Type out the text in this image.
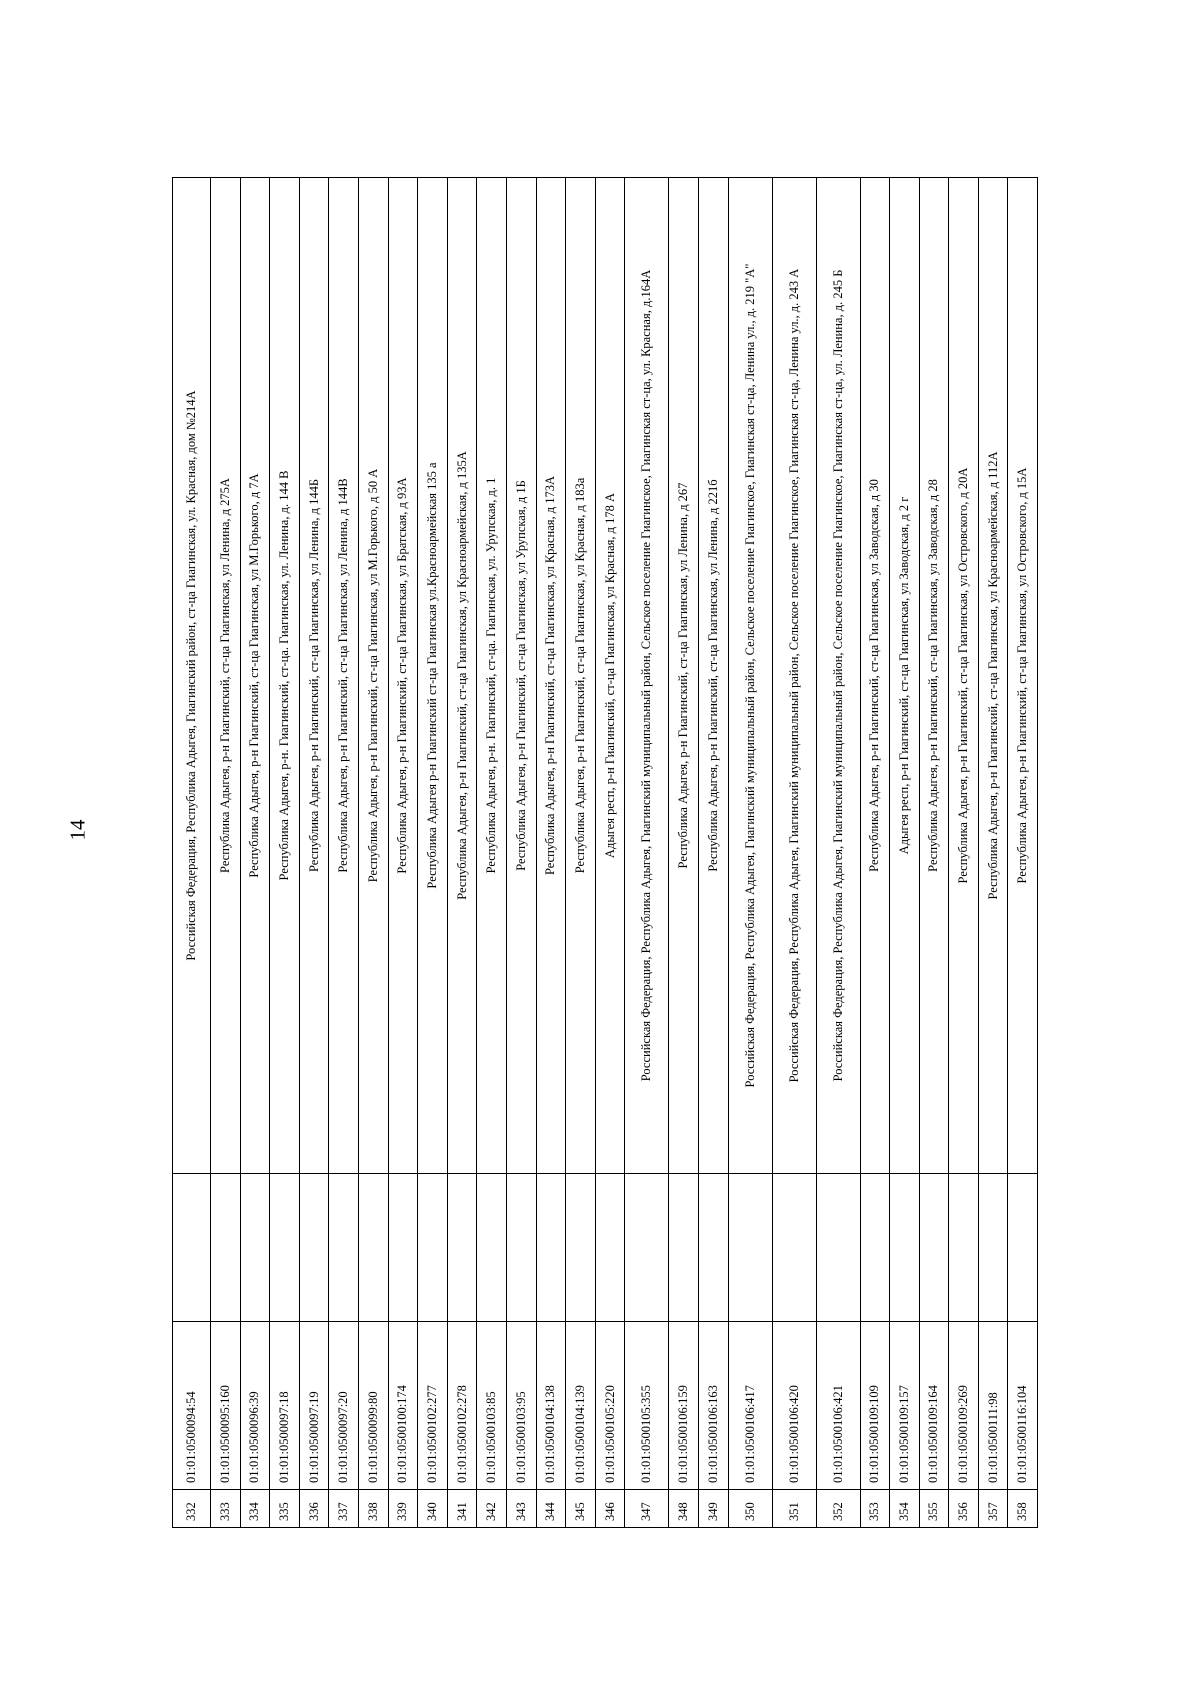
14
332	01:01:0500094:54		Российская Федерация, Республика Адыгея, Гиагинский район, ст-ца Гиагинская, ул. Красная, дом №214А
333	01:01:0500095:160		Республика Адыгея, р-н Гиагинский, ст-ца Гиагинская, ул Ленина, д 275А
334	01:01:0500096:39		Республика Адыгея, р-н Гиагинский, ст-ца Гиагинская, ул М.Горького, д 7А
335	01:01:0500097:18		Республика Адыгея, р-н. Гиагинский, ст-ца. Гиагинская, ул. Ленина, д. 144 В
336	01:01:0500097:19		Республика Адыгея, р-н Гиагинский, ст-ца Гиагинская, ул Ленина, д 144Б
337	01:01:0500097:20		Республика Адыгея, р-н Гиагинский, ст-ца Гиагинская, ул Ленина, д 144В
338	01:01:0500099:80		Республика Адыгея, р-н Гиагинский, ст-ца Гиагинская, ул М.Горького, д 50 А
339	01:01:0500100:174		Республика Адыгея, р-н Гиагинский, ст-ца Гиагинская, ул Братская, д 93А
340	01:01:0500102:277		Республика Адыгея р-н Гиагинский ст-ца Гиагинская ул.Красноармейская 135 а
341	01:01:0500102:278		Республика Адыгея, р-н Гиагинский, ст-ца Гиагинская, ул Красноармейская, д 135А
342	01:01:0500103:85		Республика Адыгея, р-н. Гиагинский, ст-ца. Гиагинская, ул. Урупская, д. 1
343	01:01:0500103:95		Республика Адыгея, р-н Гиагинский, ст-ца Гиагинская, ул Урупская, д 1Б
344	01:01:0500104:138		Республика Адыгея, р-н Гиагинский, ст-ца Гиагинская, ул Красная, д 173А
345	01:01:0500104:139		Республика Адыгея, р-н Гиагинский, ст-ца Гиагинская, ул Красная, д 183а
346	01:01:0500105:220		Адыгея респ, р-н Гиагинский, ст-ца Гиагинская, ул Красная, д 178 А
347	01:01:0500105:355		Российская Федерация, Республика Адыгея, Гиагинский муниципальный район, Сельское поселение Гиагинское, Гиагинская ст-ца, ул. Красная, д.164А
348	01:01:0500106:159		Республика Адыгея, р-н Гиагинский, ст-ца Гиагинская, ул Ленина, д 267
349	01:01:0500106:163		Республика Адыгея, р-н Гиагинский, ст-ца Гиагинская, ул Ленина, д 221б
350	01:01:0500106:417		Российская Федерация, Республика Адыгея, Гиагинский муниципальный район, Сельское поселение Гиагинское, Гиагинская ст-ца, Ленина ул., д. 219 "А"
351	01:01:0500106:420		Российская Федерация, Республика Адыгея, Гиагинский муниципальный район, Сельское поселение Гиагинское, Гиагинская ст-ца, Ленина ул., д. 243 А
352	01:01:0500106:421		Российская Федерация, Республика Адыгея, Гиагинский муниципальный район, Сельское поселение Гиагинское, Гиагинская ст-ца, ул. Ленина, д. 245 Б
353	01:01:0500109:109		Республика Адыгея, р-н Гиагинский, ст-ца Гиагинская, ул Заводская, д 30
354	01:01:0500109:157		Адыгея респ, р-н Гиагинский, ст-ца Гиагинская, ул Заводская, д 2 г
355	01:01:0500109:164		Республика Адыгея, р-н Гиагинский, ст-ца Гиагинская, ул Заводская, д 28
356	01:01:0500109:269		Республика Адыгея, р-н Гиагинский, ст-ца Гиагинская, ул Островского, д 20А
357	01:01:0500111:98		Республика Адыгея, р-н Гиагинский, ст-ца Гиагинская, ул Красноармейская, д 112А
358	01:01:0500116:104		Республика Адыгея, р-н Гиагинский, ст-ца Гиагинская, ул Островского, д 15А
